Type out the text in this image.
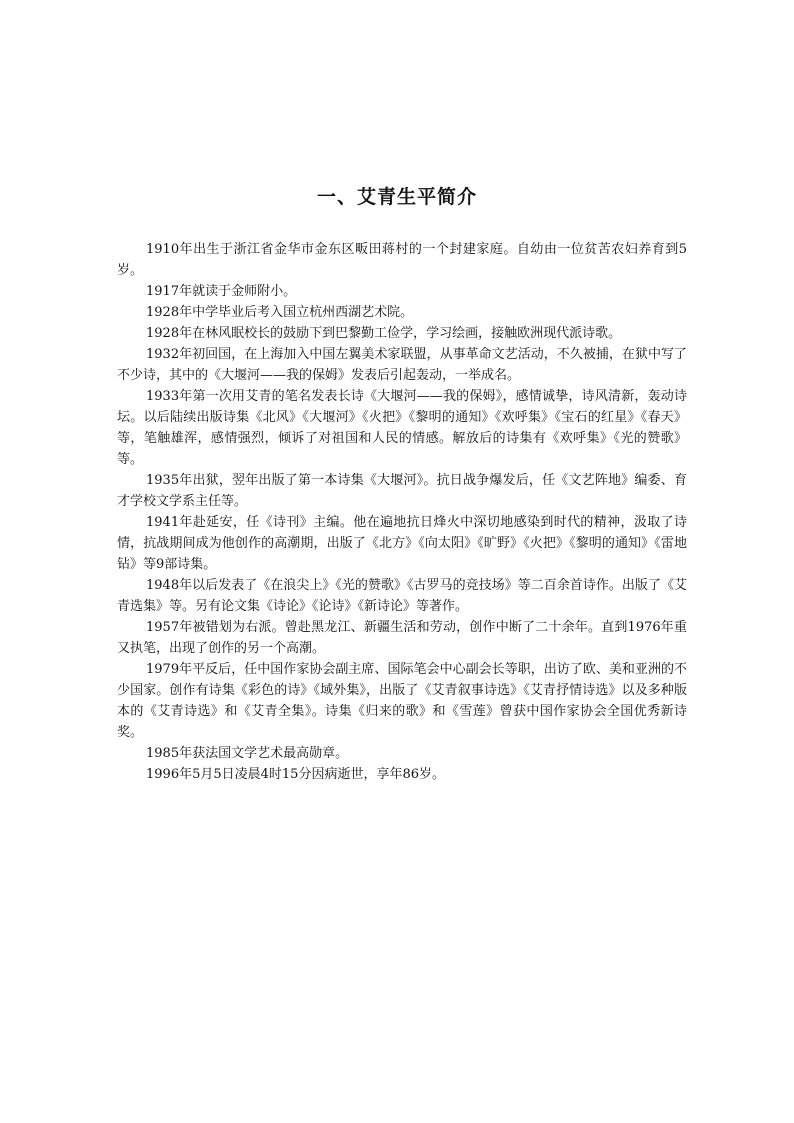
一、艾青生平简介

1910年出生于浙江省金华市金东区畈田蒋村的一个封建家庭。自幼由一位贫苦农妇养育到5岁。

1917年就读于金师附小。

1928年中学毕业后考入国立杭州西湖艺术院。

1928年在林风眠校长的鼓励下到巴黎勤工俭学，学习绘画，接触欧洲现代派诗歌。

1932年初回国，在上海加入中国左翼美术家联盟，从事革命文艺活动，不久被捕，在狱中写了不少诗，其中的《大堰河——我的保姆》发表后引起轰动，一举成名。

1933年第一次用艾青的笔名发表长诗《大堰河——我的保姆》，感情诚挚，诗风清新，轰动诗坛。以后陆续出版诗集《北风》《大堰河》《火把》《黎明的通知》《欢呼集》《宝石的红星》《春天》等，笔触雄浑，感情强烈，倾诉了对祖国和人民的情感。解放后的诗集有《欢呼集》《光的赞歌》等。

1935年出狱，翌年出版了第一本诗集《大堰河》。抗日战争爆发后，任《文艺阵地》编委、育才学校文学系主任等。

1941年赴延安，任《诗刊》主编。他在遍地抗日烽火中深切地感染到时代的精神，汲取了诗情，抗战期间成为他创作的高潮期，出版了《北方》《向太阳》《旷野》《火把》《黎明的通知》《雷地钻》等9部诗集。

1948年以后发表了《在浪尖上》《光的赞歌》《古罗马的竞技场》等二百余首诗作。出版了《艾青选集》等。另有论文集《诗论》《论诗》《新诗论》等著作。

1957年被错划为右派。曾赴黑龙江、新疆生活和劳动，创作中断了二十余年。直到1976年重又执笔，出现了创作的另一个高潮。

1979年平反后，任中国作家协会副主席、国际笔会中心副会长等职，出访了欧、美和亚洲的不少国家。创作有诗集《彩色的诗》《域外集》，出版了《艾青叙事诗选》《艾青抒情诗选》以及多种版本的《艾青诗选》和《艾青全集》。诗集《归来的歌》和《雪莲》曾获中国作家协会全国优秀新诗奖。

1985年获法国文学艺术最高勋章。

1996年5月5日凌晨4时15分因病逝世，享年86岁。
